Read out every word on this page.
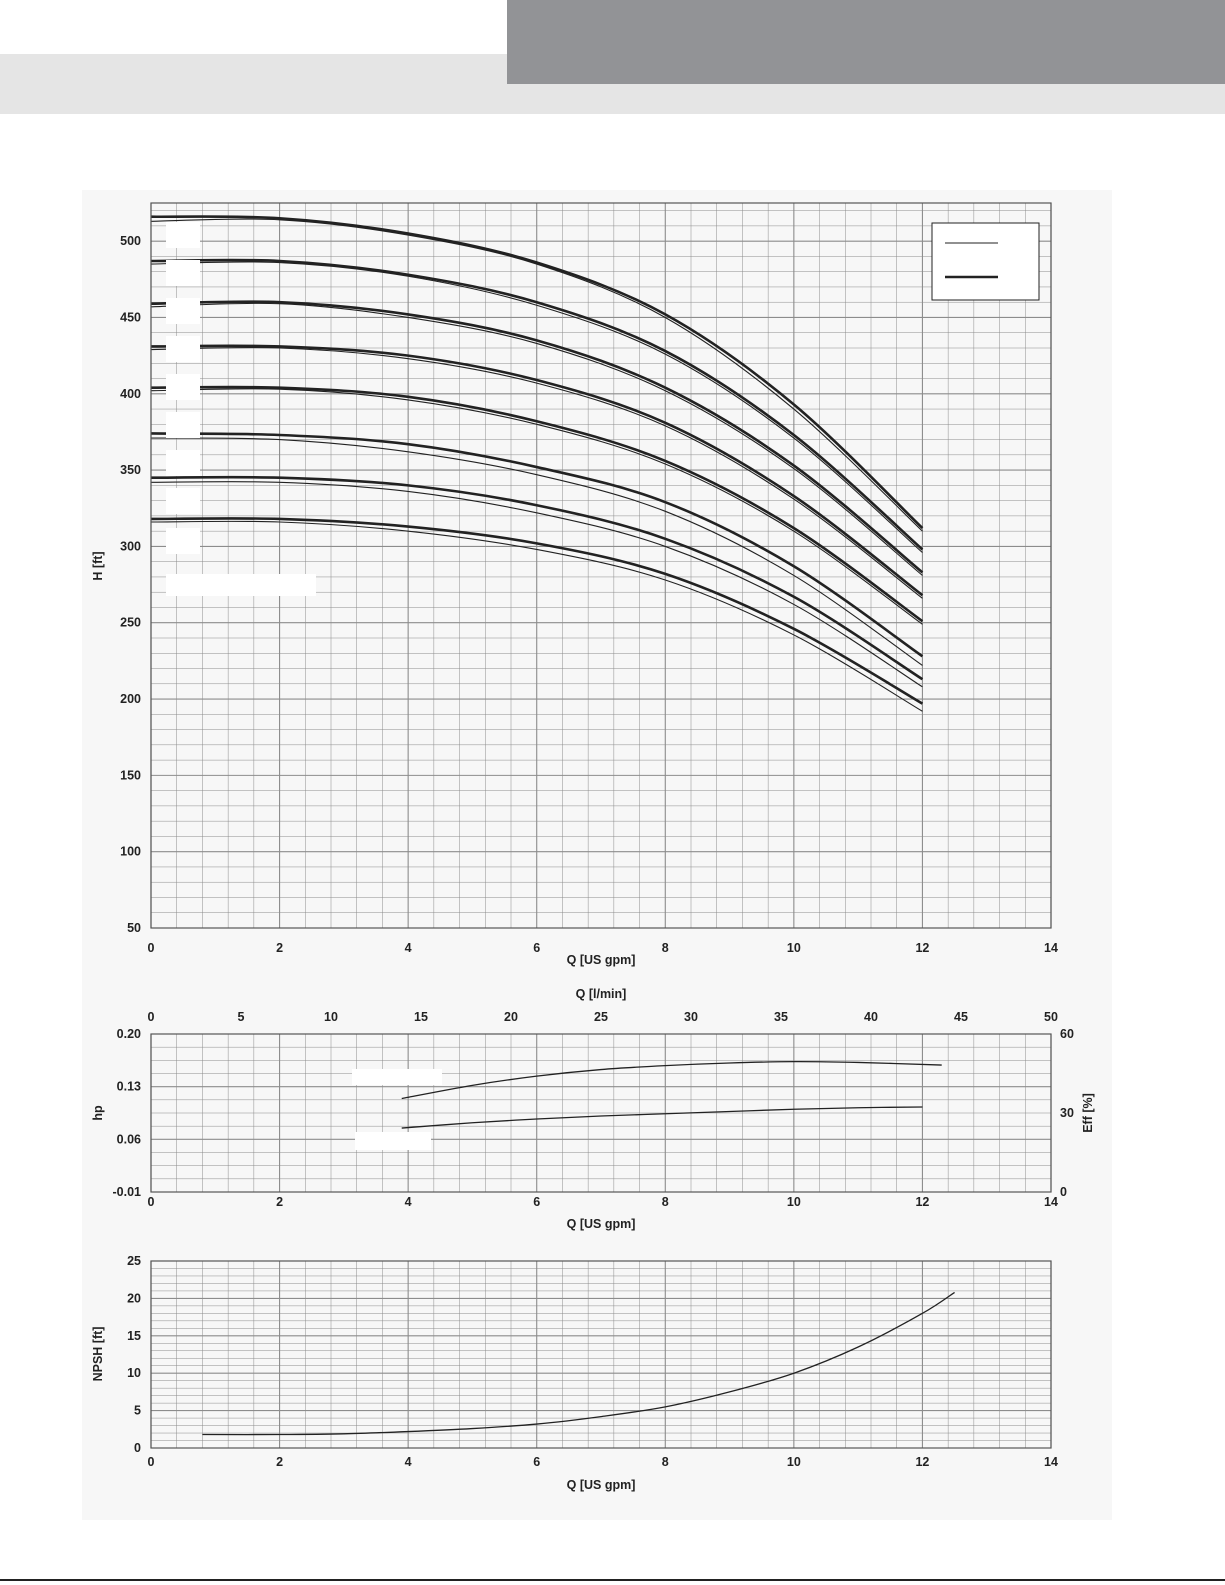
0	2	4	6	8	10	12	14
50
100
150
200
250
300
350
400
450
500
Q [US gpm]
H [ft]
0	2	4	6	8	10	12	14
0	5	10	15	20	25	30	35	40	45	50
-0.01
0.06
0.13
0.20
0
30
60
Q [US gpm]
Q [l/min]
hp	Eff [%]
0	2	4	6	8	10	12	14
0
5
10
15
20
25
Q [US gpm]
NPSH [ft]
